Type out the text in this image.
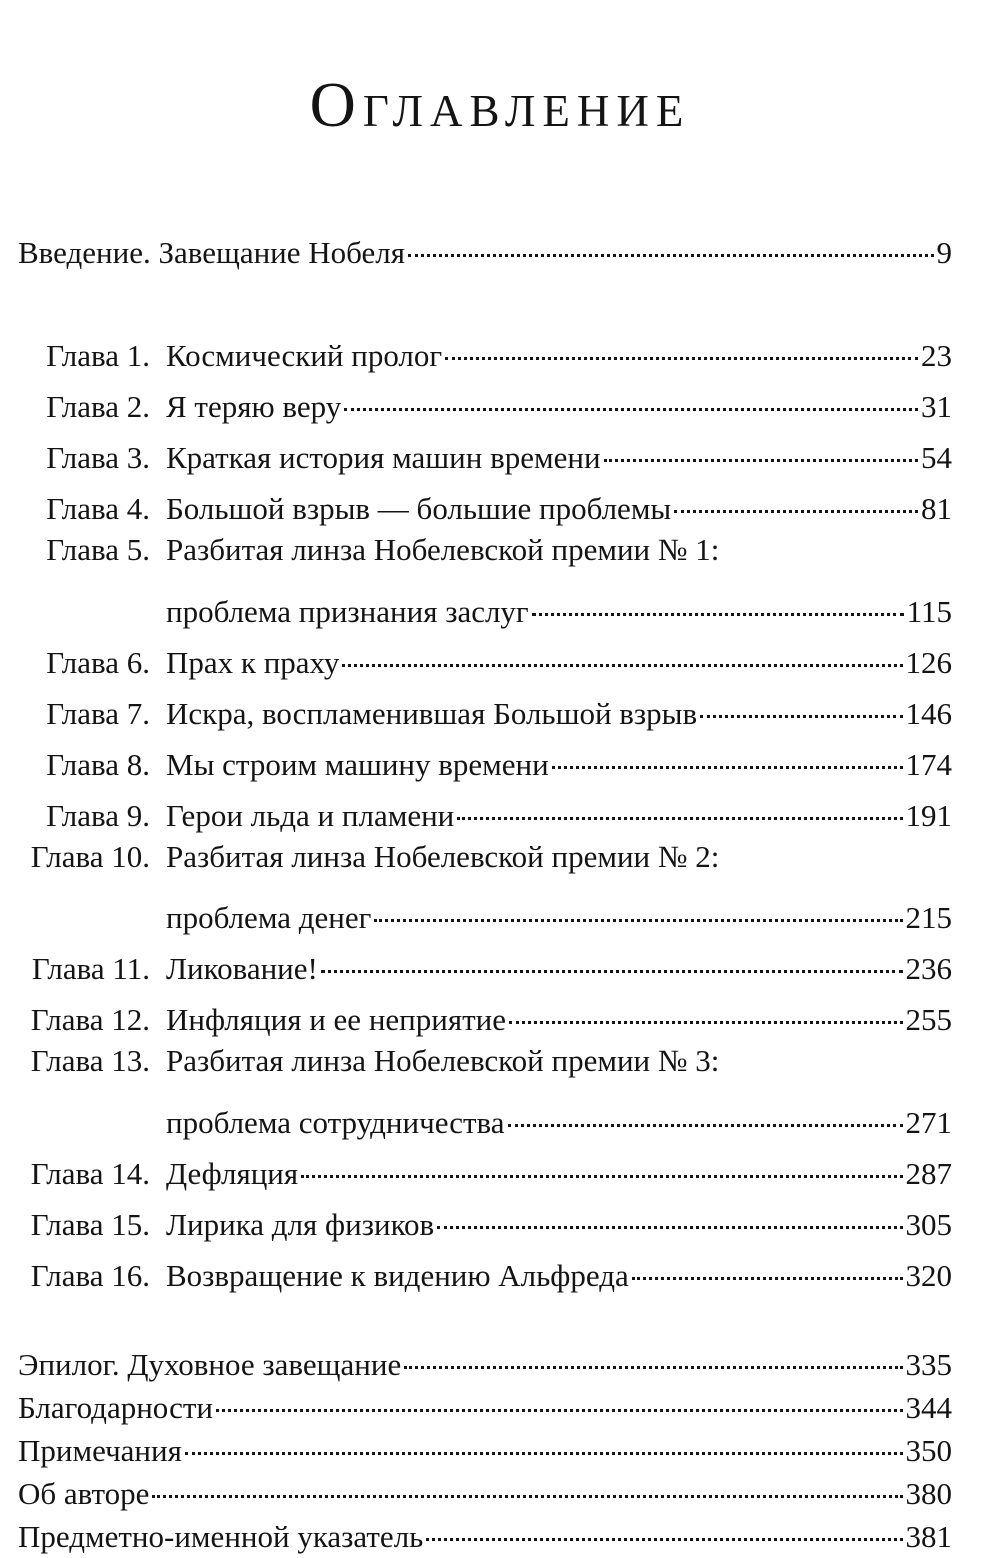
Оглавление
Введение. Завещание Нобеля	9
Глава 1. Космический пролог	23
Глава 2. Я теряю веру	31
Глава 3. Краткая история машин времени	54
Глава 4. Большой взрыв — большие проблемы	81
Глава 5. Разбитая линза Нобелевской премии № 1:
проблема признания заслуг	115
Глава 6. Прах к праху	126
Глава 7. Искра, воспламенившая Большой взрыв	146
Глава 8. Мы строим машину времени	174
Глава 9. Герои льда и пламени	191
Глава 10. Разбитая линза Нобелевской премии № 2:
проблема денег	215
Глава 11. Ликование!	236
Глава 12. Инфляция и ее неприятие	255
Глава 13. Разбитая линза Нобелевской премии № 3:
проблема сотрудничества	271
Глава 14. Дефляция	287
Глава 15. Лирика для физиков	305
Глава 16. Возвращение к видению Альфреда	320
Эпилог. Духовное завещание	335
Благодарности	344
Примечания	350
Об авторе	380
Предметно-именной указатель	381
